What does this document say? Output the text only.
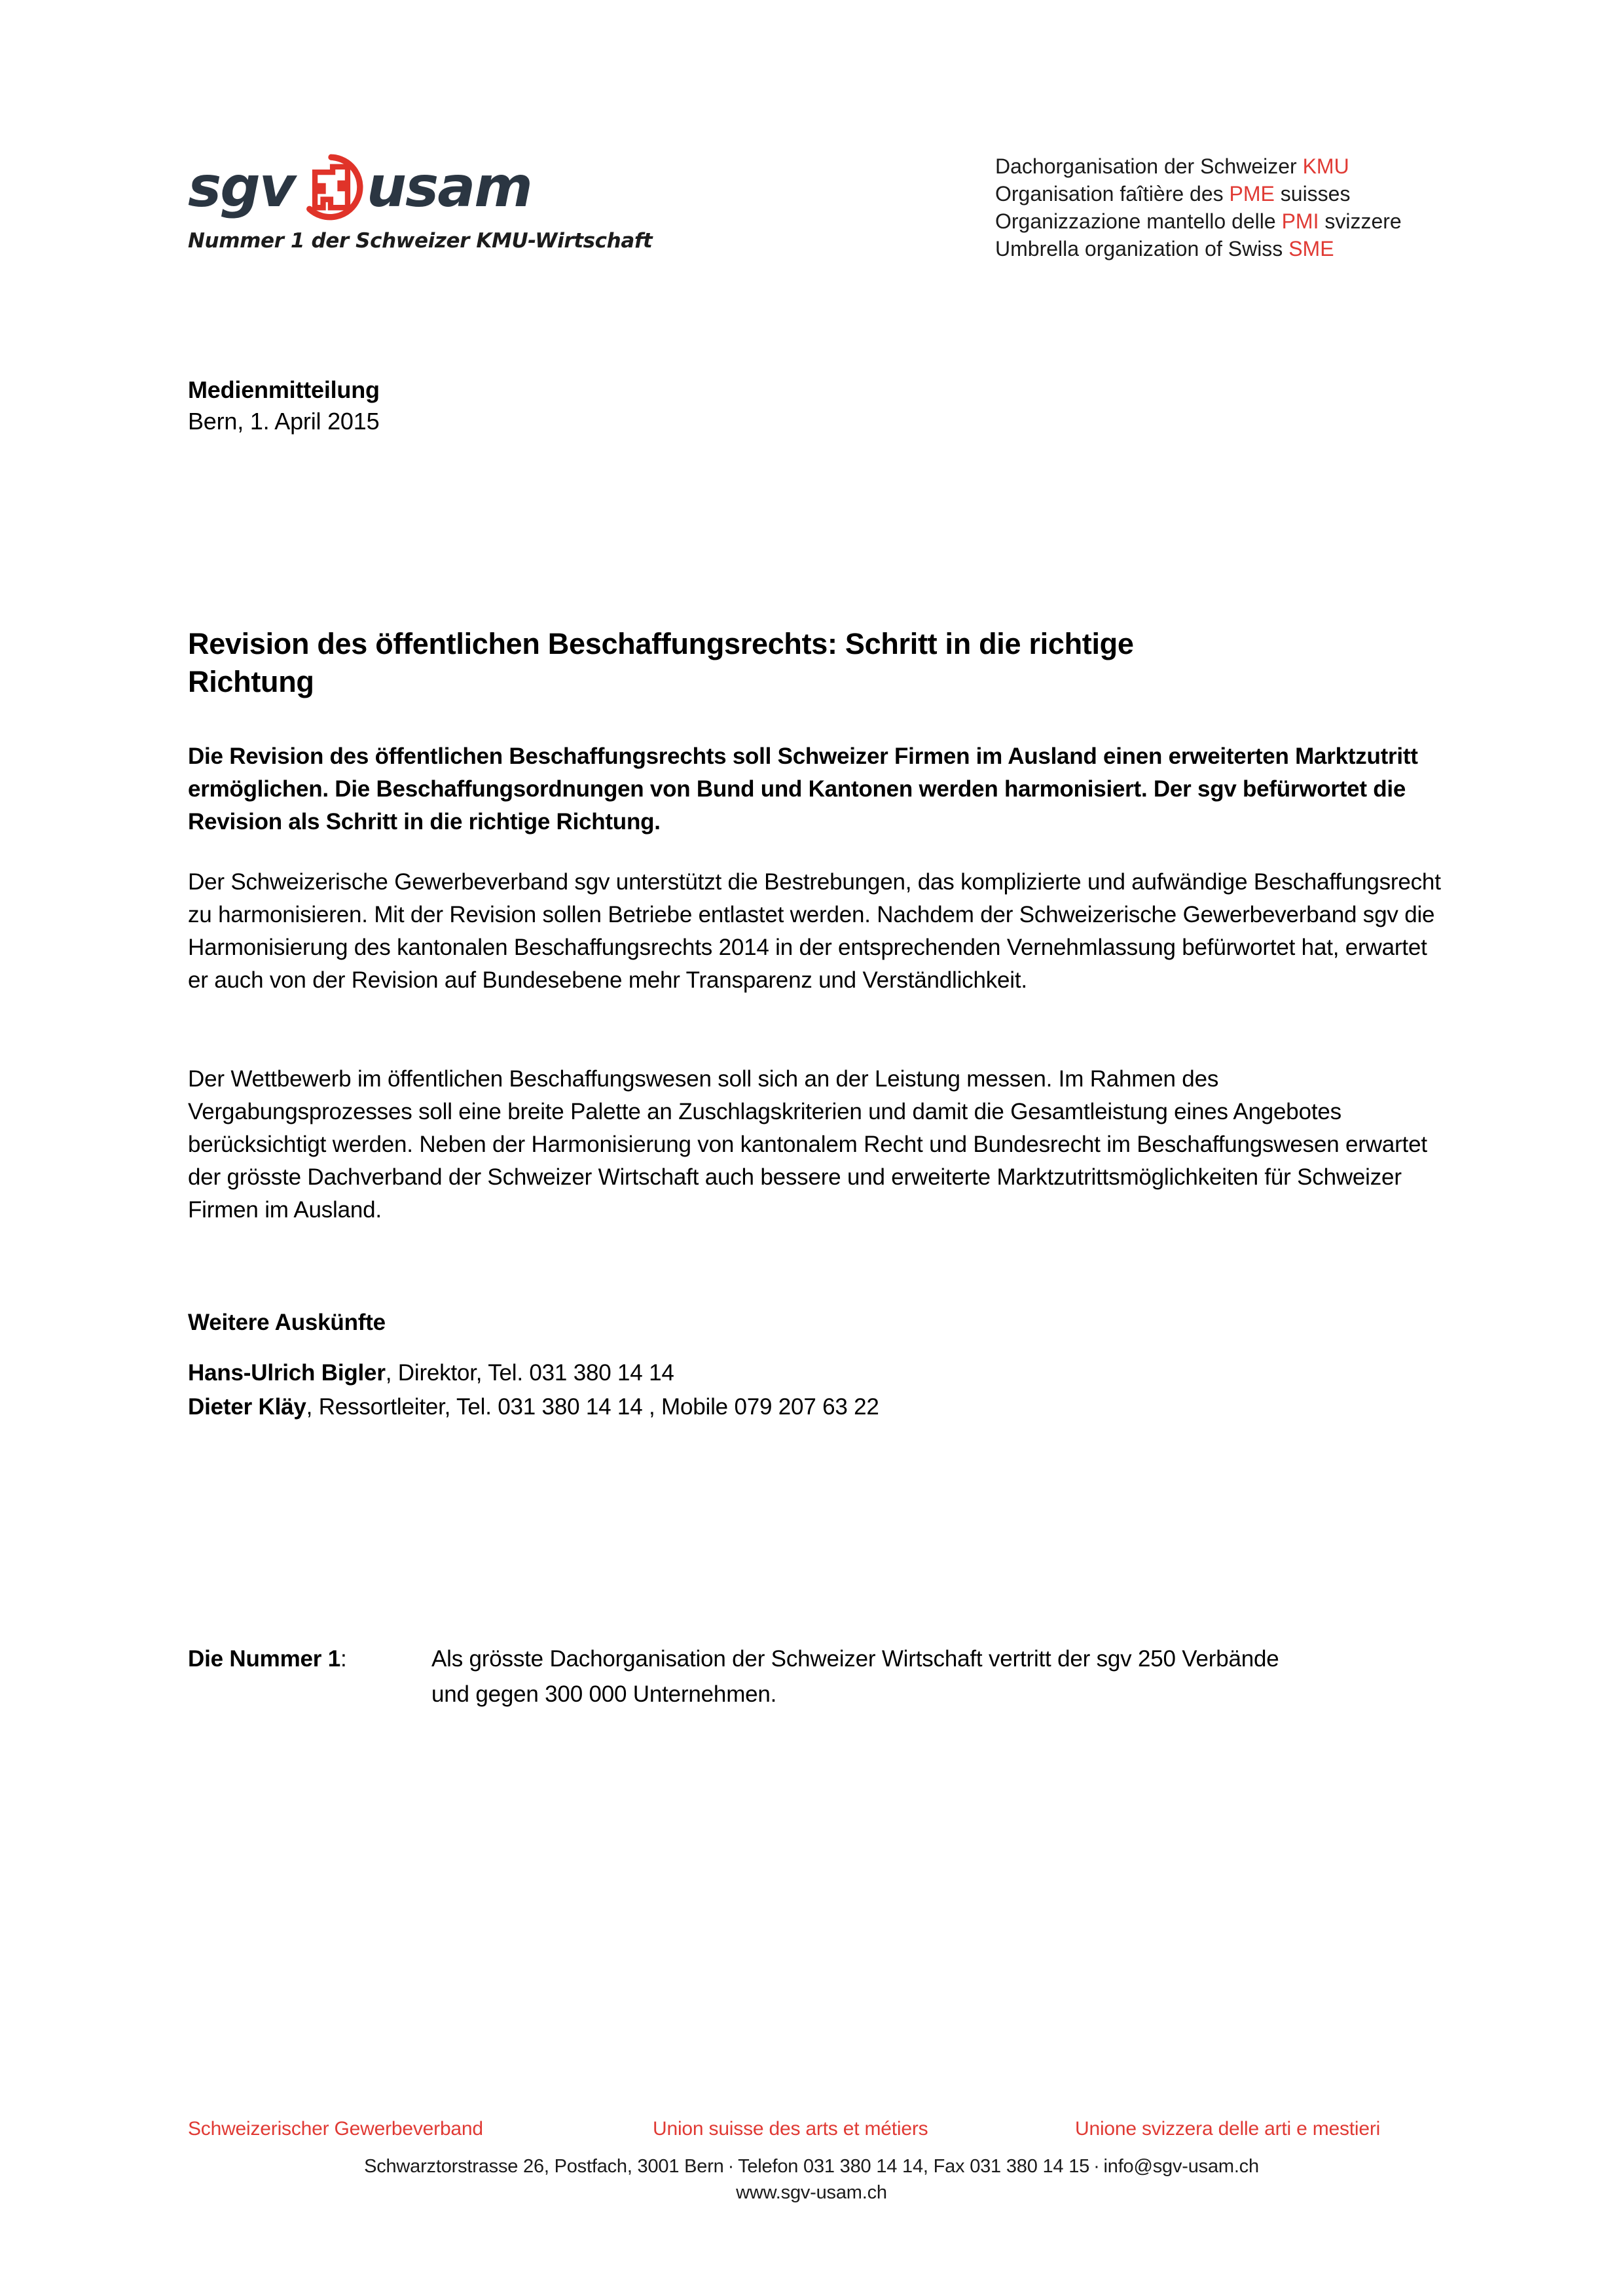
sgv usam
Nummer 1 der Schweizer KMU-Wirtschaft
Dachorganisation der Schweizer KMU
Organisation faîtière des PME suisses
Organizzazione mantello delle PMI svizzere
Umbrella organization of Swiss SME
Medienmitteilung
Bern, 1. April 2015
Revision des öffentlichen Beschaffungsrechts: Schritt in die richtige Richtung

Die Revision des öffentlichen Beschaffungsrechts soll Schweizer Firmen im Ausland einen erweiterten Marktzutritt ermöglichen. Die Beschaffungsordnungen von Bund und Kantonen werden harmonisiert. Der sgv befürwortet die Revision als Schritt in die richtige Richtung.

Der Schweizerische Gewerbeverband sgv unterstützt die Bestrebungen, das komplizierte und aufwändige Beschaffungsrecht zu harmonisieren. Mit der Revision sollen Betriebe entlastet werden. Nachdem der Schweizerische Gewerbeverband sgv die Harmonisierung des kantonalen Beschaffungsrechts 2014 in der entsprechenden Vernehmlassung befürwortet hat, erwartet er auch von der Revision auf Bundesebene mehr Transparenz und Verständlichkeit.

Der Wettbewerb im öffentlichen Beschaffungswesen soll sich an der Leistung messen. Im Rahmen des Vergabungsprozesses soll eine breite Palette an Zuschlagskriterien und damit die Gesamtleistung eines Angebotes berücksichtigt werden. Neben der Harmonisierung von kantonalem Recht und Bundesrecht im Beschaffungswesen erwartet der grösste Dachverband der Schweizer Wirtschaft auch bessere und erweiterte Marktzutrittsmöglichkeiten für Schweizer Firmen im Ausland.

Weitere Auskünfte
Hans-Ulrich Bigler, Direktor, Tel. 031 380 14 14
Dieter Kläy, Ressortleiter, Tel. 031 380 14 14 , Mobile 079 207 63 22
Die Nummer 1:	Als grösste Dachorganisation der Schweizer Wirtschaft vertritt der sgv 250 Verbände und gegen 300 000 Unternehmen.
Schweizerischer Gewerbeverband	Union suisse des arts et métiers	Unione svizzera delle arti e mestieri
Schwarztorstrasse 26, Postfach, 3001 Bern · Telefon 031 380 14 14, Fax 031 380 14 15 · info@sgv-usam.ch
www.sgv-usam.ch
